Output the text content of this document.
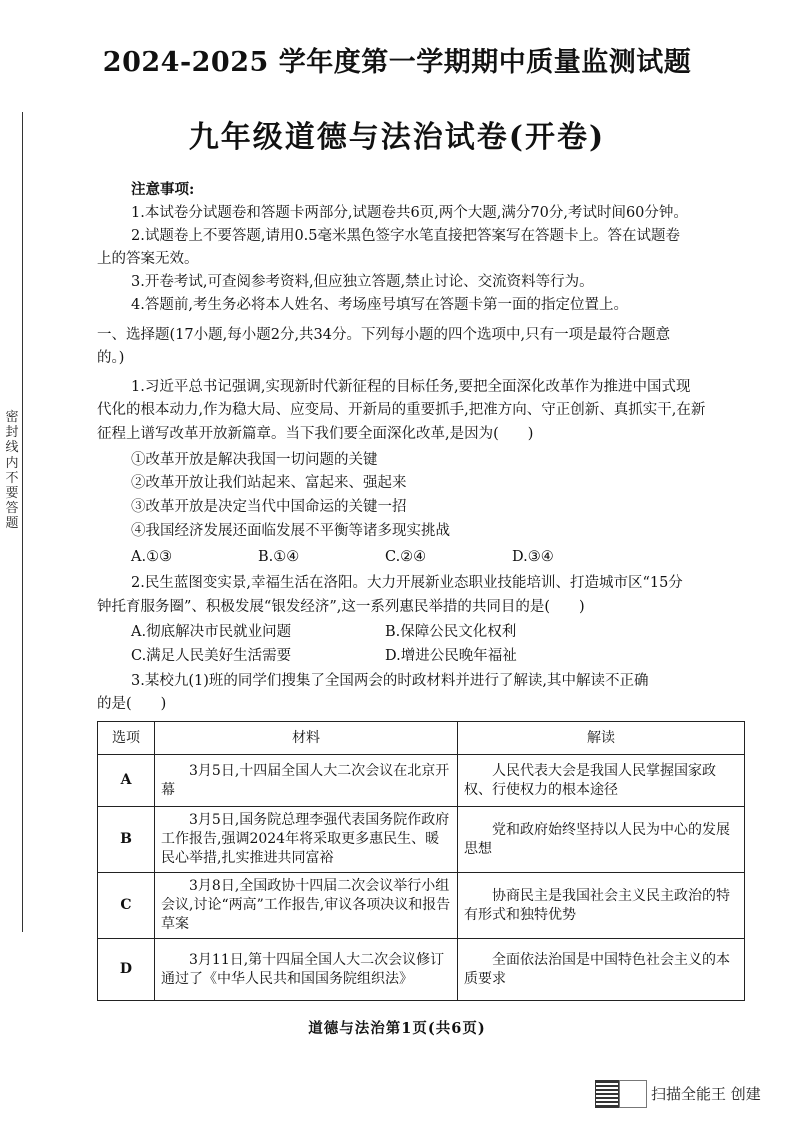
2024-2025 学年度第一学期期中质量监测试题
九年级道德与法治试卷(开卷)
密
封
线
内
不
要
答
题
注意事项:
1.本试卷分试题卷和答题卡两部分,试题卷共6页,两个大题,满分70分,考试时间60分钟。
2.试题卷上不要答题,请用0.5毫米黑色签字水笔直接把答案写在答题卡上。答在试题卷
上的答案无效。
3.开卷考试,可查阅参考资料,但应独立答题,禁止讨论、交流资料等行为。
4.答题前,考生务必将本人姓名、考场座号填写在答题卡第一面的指定位置上。
一、选择题(17小题,每小题2分,共34分。下列每小题的四个选项中,只有一项是最符合题意
的。)
1.习近平总书记强调,实现新时代新征程的目标任务,要把全面深化改革作为推进中国式现
代化的根本动力,作为稳大局、应变局、开新局的重要抓手,把准方向、守正创新、真抓实干,在新
征程上谱写改革开放新篇章。当下我们要全面深化改革,是因为(　　)
①改革开放是解决我国一切问题的关键
②改革开放让我们站起来、富起来、强起来
③改革开放是决定当代中国命运的关键一招
④我国经济发展还面临发展不平衡等诸多现实挑战
A.①③	B.①④	C.②④	D.③④
2.民生蓝图变实景,幸福生活在洛阳。大力开展新业态职业技能培训、打造城市区“15分
钟托育服务圈”、积极发展“银发经济”,这一系列惠民举措的共同目的是(　　)
A.彻底解决市民就业问题	B.保障公民文化权利
C.满足人民美好生活需要	D.增进公民晚年福祉
3.某校九(1)班的同学们搜集了全国两会的时政材料并进行了解读,其中解读不正确
的是(　　)
选项	材料	解读
A	3月5日,十四届全国人大二次会议在北京开幕	人民代表大会是我国人民掌握国家政权、行使权力的根本途径
B	3月5日,国务院总理李强代表国务院作政府工作报告,强调2024年将采取更多惠民生、暖民心举措,扎实推进共同富裕	党和政府始终坚持以人民为中心的发展思想
C	3月8日,全国政协十四届二次会议举行小组会议,讨论“两高”工作报告,审议各项决议和报告草案	协商民主是我国社会主义民主政治的特有形式和独特优势
D	3月11日,第十四届全国人大二次会议修订通过了《中华人民共和国国务院组织法》	全面依法治国是中国特色社会主义的本质要求
道德与法治第1页(共6页)
扫描全能王 创建
